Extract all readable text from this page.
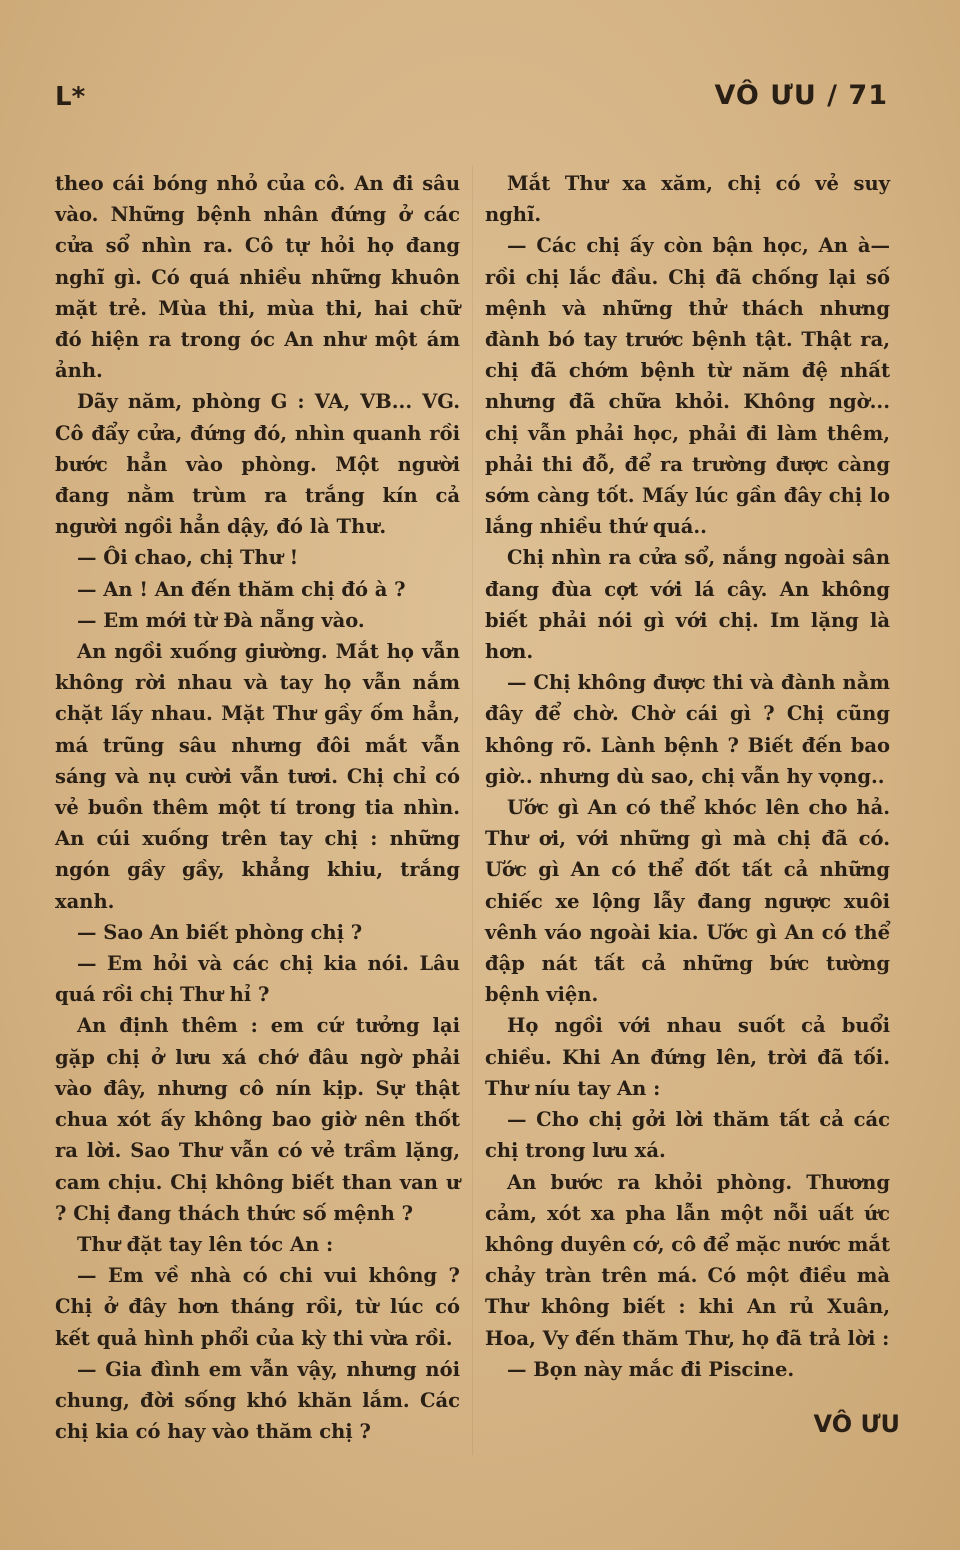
L*	VÔ ƯU / 71

theo cái bóng nhỏ của cô. An đi sâu vào. Những bệnh nhân đứng ở các cửa sổ nhìn ra. Cô tự hỏi họ đang nghĩ gì. Có quá nhiều những khuôn mặt trẻ. Mùa thi, mùa thi, hai chữ đó hiện ra trong óc An như một ám ảnh.

Dãy năm, phòng G : VA, VB... VG. Cô đẩy cửa, đứng đó, nhìn quanh rồi bước hẳn vào phòng. Một người đang nằm trùm ra trắng kín cả người ngồi hẳn dậy, đó là Thư.

— Ôi chao, chị Thư !

— An ! An đến thăm chị đó à ?

— Em mới từ Đà nẵng vào.

An ngồi xuống giường. Mắt họ vẫn không rời nhau và tay họ vẫn nắm chặt lấy nhau. Mặt Thư gầy ốm hẳn, má trũng sâu nhưng đôi mắt vẫn sáng và nụ cười vẫn tươi. Chị chỉ có vẻ buồn thêm một tí trong tia nhìn. An cúi xuống trên tay chị : những ngón gầy gầy, khẳng khiu, trắng xanh.

— Sao An biết phòng chị ?

— Em hỏi và các chị kia nói. Lâu quá rồi chị Thư hỉ ?

An định thêm : em cứ tưởng lại gặp chị ở lưu xá chớ đâu ngờ phải vào đây, nhưng cô nín kịp. Sự thật chua xót ấy không bao giờ nên thốt ra lời. Sao Thư vẫn có vẻ trầm lặng, cam chịu. Chị không biết than van ư ? Chị đang thách thức số mệnh ?

Thư đặt tay lên tóc An :

— Em về nhà có chi vui không ? Chị ở đây hơn tháng rồi, từ lúc có kết quả hình phổi của kỳ thi vừa rồi.

— Gia đình em vẫn vậy, nhưng nói chung, đời sống khó khăn lắm. Các chị kia có hay vào thăm chị ?

Mắt Thư xa xăm, chị có vẻ suy nghĩ.

— Các chị ấy còn bận học, An à— rồi chị lắc đầu. Chị đã chống lại số mệnh và những thử thách nhưng đành bó tay trước bệnh tật. Thật ra, chị đã chớm bệnh từ năm đệ nhất nhưng đã chữa khỏi. Không ngờ... chị vẫn phải học, phải đi làm thêm, phải thi đỗ, để ra trường được càng sớm càng tốt. Mấy lúc gần đây chị lo lắng nhiều thứ quá..

Chị nhìn ra cửa sổ, nắng ngoài sân đang đùa cợt với lá cây. An không biết phải nói gì với chị. Im lặng là hơn.

— Chị không được thi và đành nằm đây để chờ. Chờ cái gì ? Chị cũng không rõ. Lành bệnh ? Biết đến bao giờ.. nhưng dù sao, chị vẫn hy vọng..

Ước gì An có thể khóc lên cho hả. Thư ơi, với những gì mà chị đã có. Ước gì An có thể đốt tất cả những chiếc xe lộng lẫy đang ngược xuôi vênh váo ngoài kia. Ước gì An có thể đập nát tất cả những bức tường bệnh viện.

Họ ngồi với nhau suốt cả buổi chiều. Khi An đứng lên, trời đã tối. Thư níu tay An :

— Cho chị gởi lời thăm tất cả các chị trong lưu xá.

An bước ra khỏi phòng. Thương cảm, xót xa pha lẫn một nỗi uất ức không duyên cớ, cô để mặc nước mắt chảy tràn trên má. Có một điều mà Thư không biết : khi An rủ Xuân, Hoa, Vy đến thăm Thư, họ đã trả lời :

— Bọn này mắc đi Piscine.

VÔ ƯU
